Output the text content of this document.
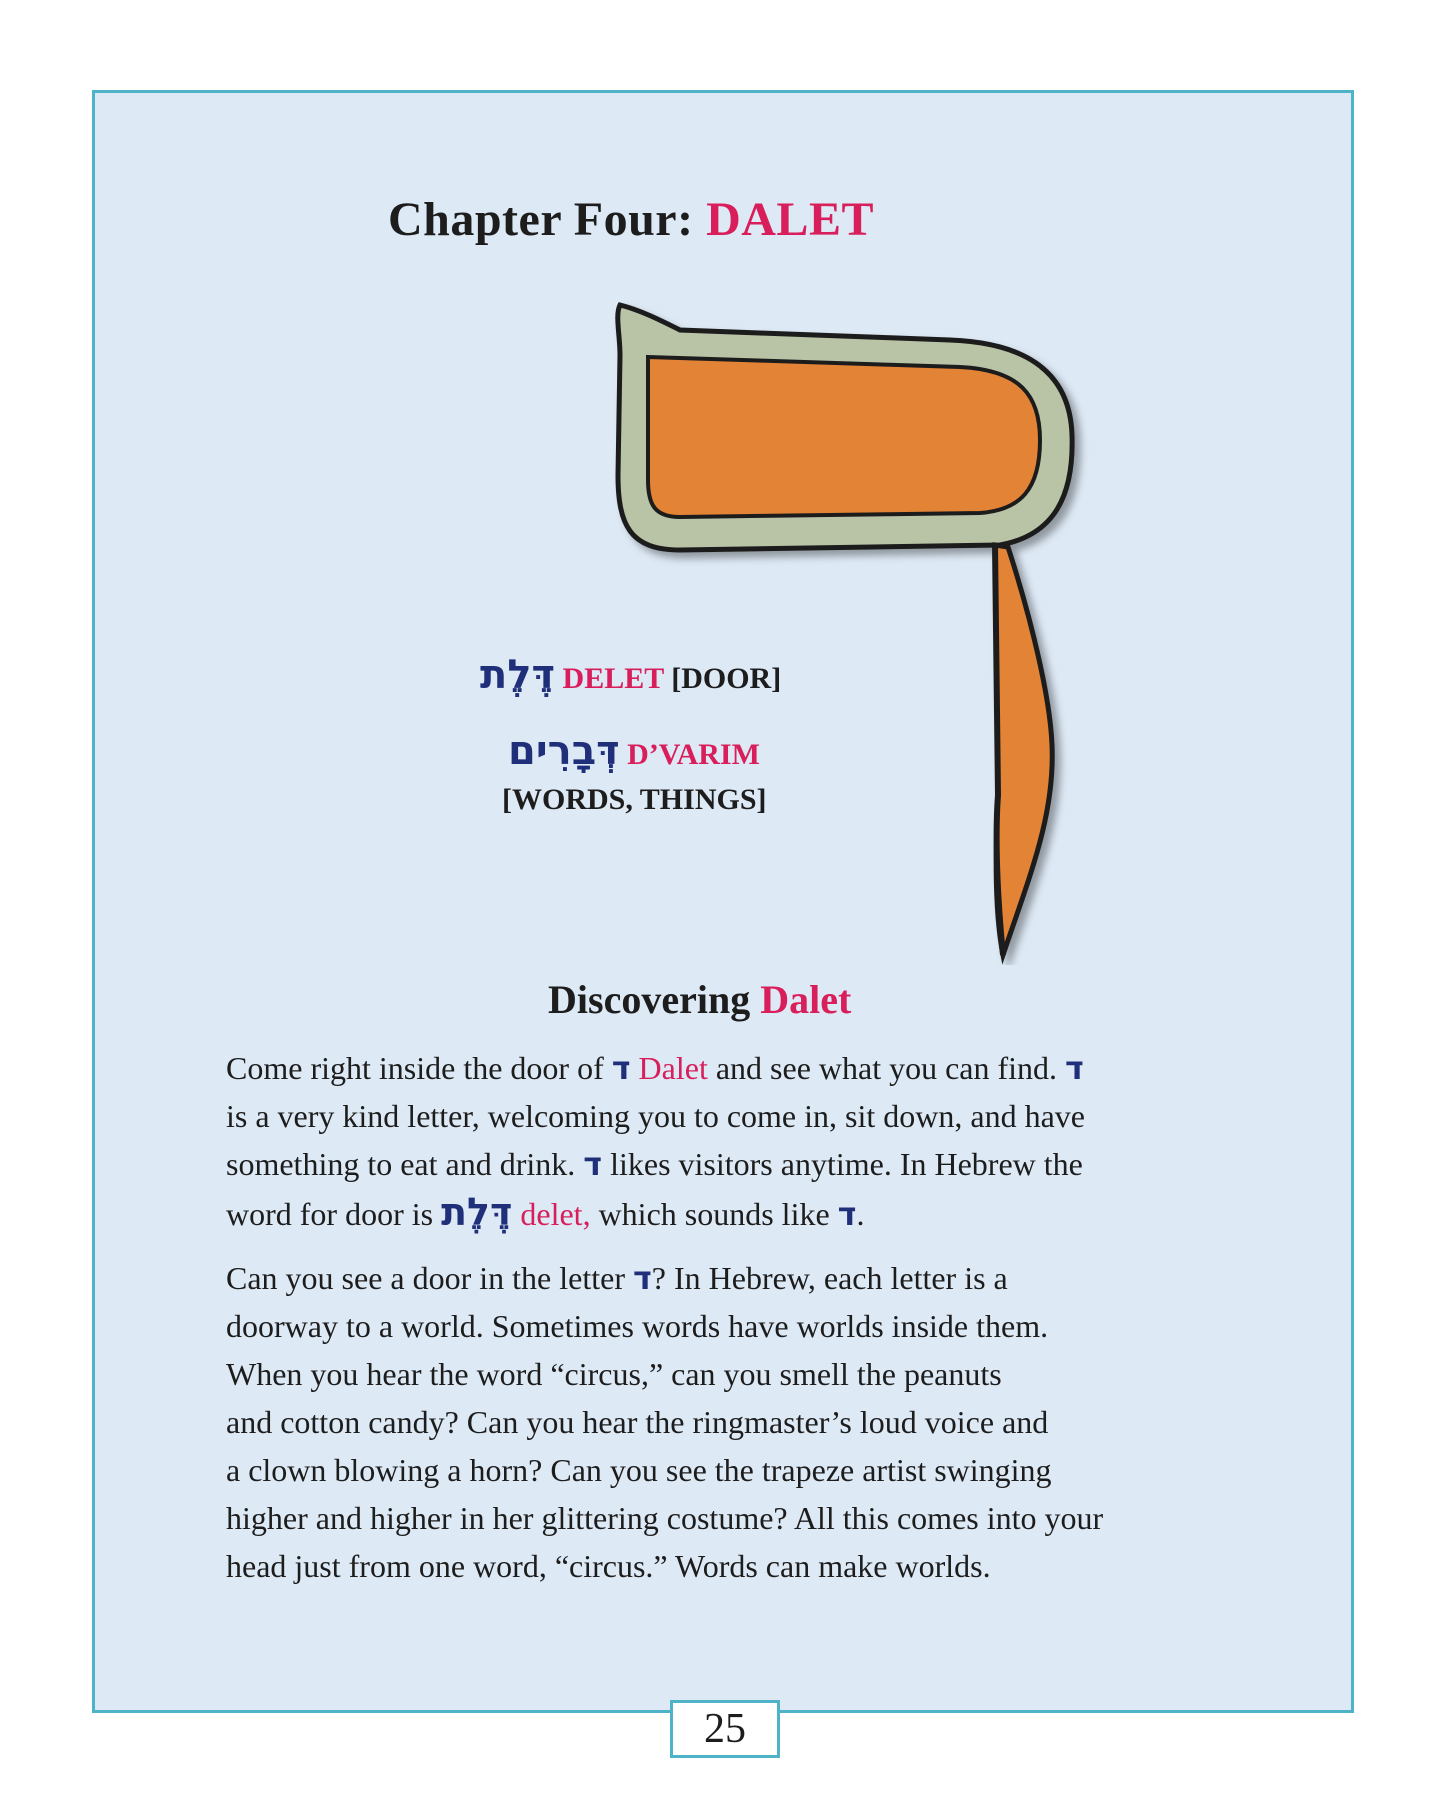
Chapter Four: DALET
דֶּלֶת DELET [DOOR]
דְּבָרִים D’VARIM
[WORDS, THINGS]
Discovering Dalet
Come right inside the door of ד Dalet and see what you can find. ד
is a very kind letter, welcoming you to come in, sit down, and have
something to eat and drink. ד likes visitors anytime. In Hebrew the
word for door is דֶּלֶת delet, which sounds like ד.
Can you see a door in the letter ד? In Hebrew, each letter is a
doorway to a world. Sometimes words have worlds inside them.
When you hear the word “circus,” can you smell the peanuts
and cotton candy? Can you hear the ringmaster’s loud voice and
a clown blowing a horn? Can you see the trapeze artist swinging
higher and higher in her glittering costume? All this comes into your
head just from one word, “circus.” Words can make worlds.
25
